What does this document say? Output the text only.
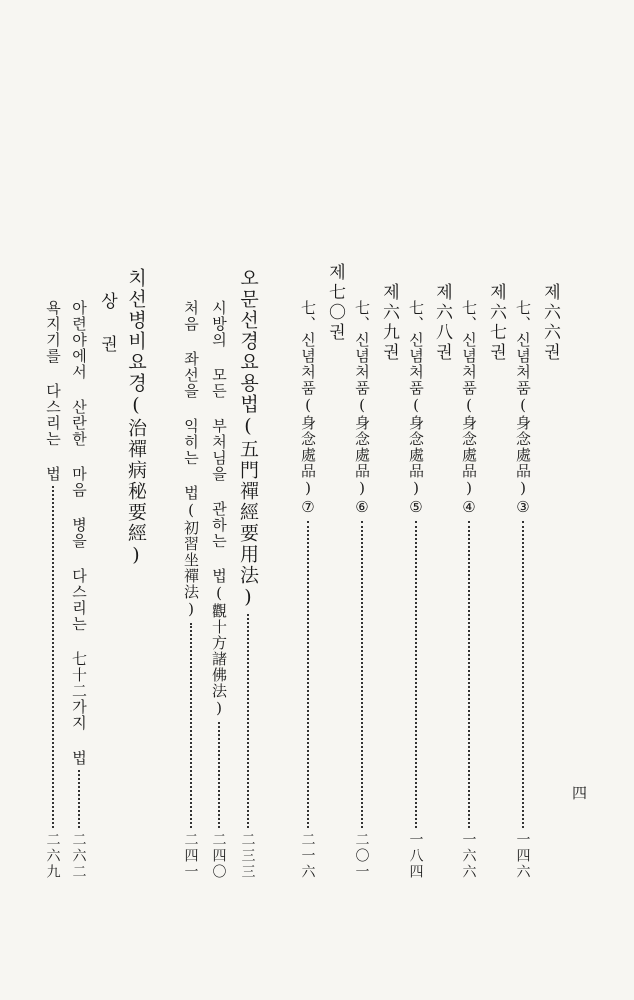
제六六권
七、신념처품(身念處品)③
一四六
제六七권
七、신념처품(身念處品)④
一六六
제六八권
七、신념처품(身念處品)⑤
一八四
제六九권
七、신념처품(身念處品)⑥
二〇一
제七〇권
七、신념처품(身念處品)⑦
二一六
오문선경요용법(五門禪經要用法)
二三三
시방의 모든 부처님을 관하는 법(觀十方諸佛法)
二四〇
처음 좌선을 익히는 법(初習坐禪法)
二四一
치선병비요경(治禪病秘要經)
상 권
아련야에서 산란한 마음 병을 다스리는 七十二가지 법
二六二
욕지기를 다스리는 법
二六九
四
